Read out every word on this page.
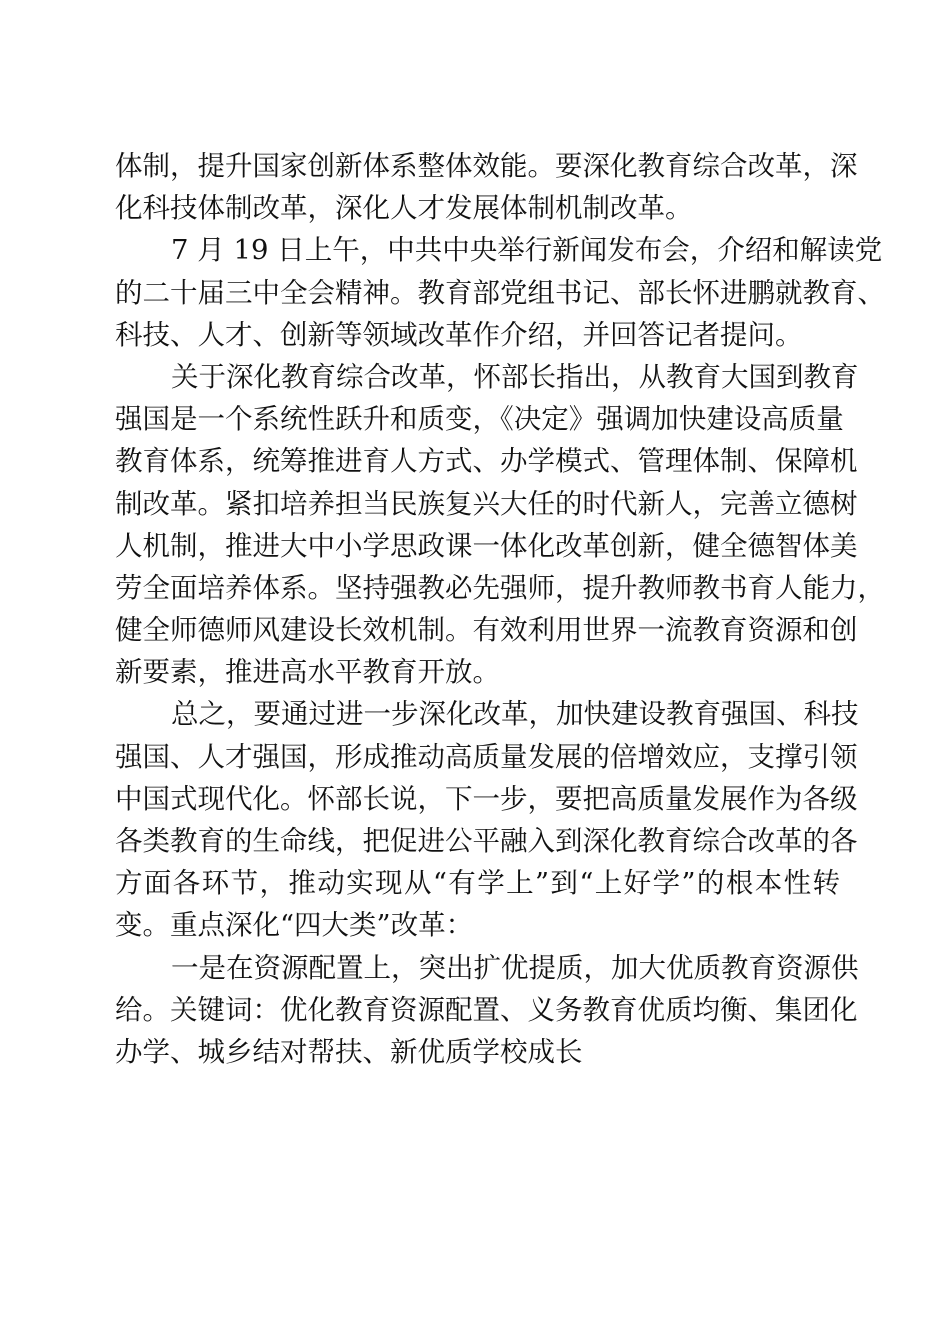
体制，提升国家创新体系整体效能。要深化教育综合改革，深
化科技体制改革，深化人才发展体制机制改革。
7 月 19 日上午，中共中央举行新闻发布会，介绍和解读党
的二十届三中全会精神。教育部党组书记、部长怀进鹏就教育、
科技、人才、创新等领域改革作介绍，并回答记者提问。
关于深化教育综合改革，怀部长指出，从教育大国到教育
强国是一个系统性跃升和质变，《决定》强调加快建设高质量
教育体系，统筹推进育人方式、办学模式、管理体制、保障机
制改革。紧扣培养担当民族复兴大任的时代新人，完善立德树
人机制，推进大中小学思政课一体化改革创新，健全德智体美
劳全面培养体系。坚持强教必先强师，提升教师教书育人能力，
健全师德师风建设长效机制。有效利用世界一流教育资源和创
新要素，推进高水平教育开放。
总之，要通过进一步深化改革，加快建设教育强国、科技
强国、人才强国，形成推动高质量发展的倍增效应，支撑引领
中国式现代化。怀部长说，下一步，要把高质量发展作为各级
各类教育的生命线，把促进公平融入到深化教育综合改革的各
方面各环节，推动实现从“有学上”到“上好学”的根本性转
变。重点深化“四大类”改革：
一是在资源配置上，突出扩优提质，加大优质教育资源供
给。关键词：优化教育资源配置、义务教育优质均衡、集团化
办学、城乡结对帮扶、新优质学校成长
